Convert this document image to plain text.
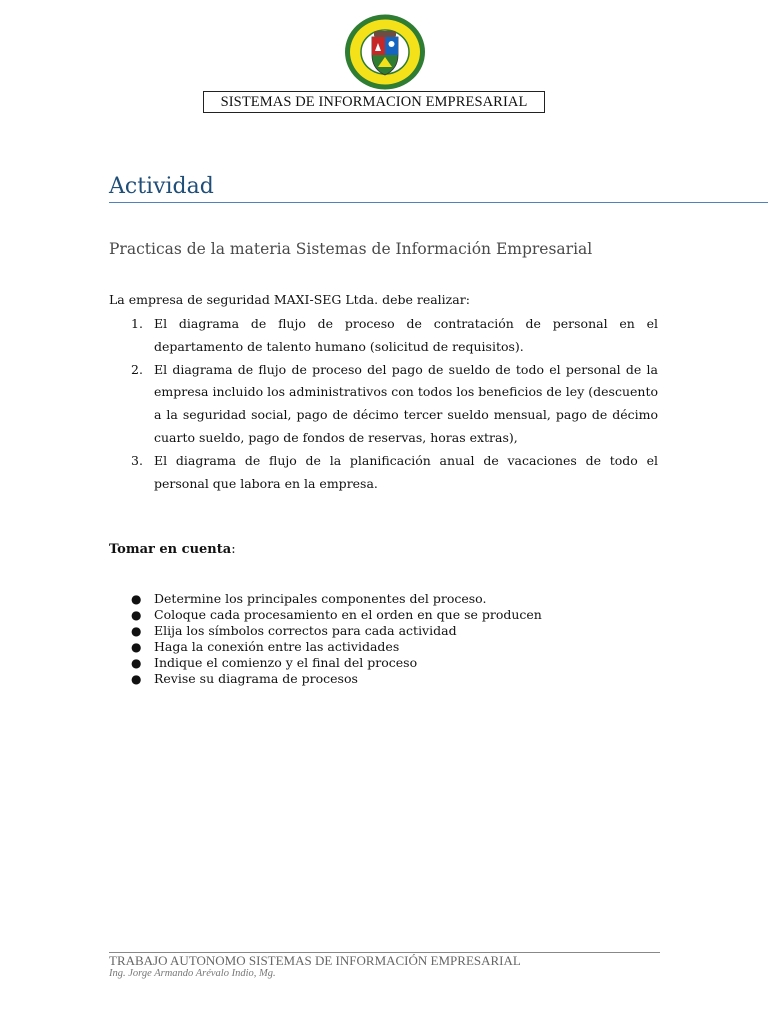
SISTEMAS DE INFORMACION EMPRESARIAL
Actividad
Practicas de la materia Sistemas de Información Empresarial
La empresa de seguridad MAXI-SEG Ltda. debe realizar:
1. El diagrama de flujo de proceso de contratación de personal en el departamento de talento humano (solicitud de requisitos).
2. El diagrama de flujo de proceso del pago de sueldo de todo el personal de la empresa incluido los administrativos con todos los beneficios de ley (descuento a la seguridad social, pago de décimo tercer sueldo mensual, pago de décimo cuarto sueldo, pago de fondos de reservas, horas extras),
3. El diagrama de flujo de la planificación anual de vacaciones de todo el personal que labora en la empresa.
Tomar en cuenta:
● Determine los principales componentes del proceso.
● Coloque cada procesamiento en el orden en que se producen
● Elija los símbolos correctos para cada actividad
● Haga la conexión entre las actividades
● Indique el comienzo y el final del proceso
● Revise su diagrama de procesos
TRABAJO AUTONOMO SISTEMAS DE INFORMACIÓN EMPRESARIAL
Ing. Jorge Armando Arévalo Indio, Mg.
